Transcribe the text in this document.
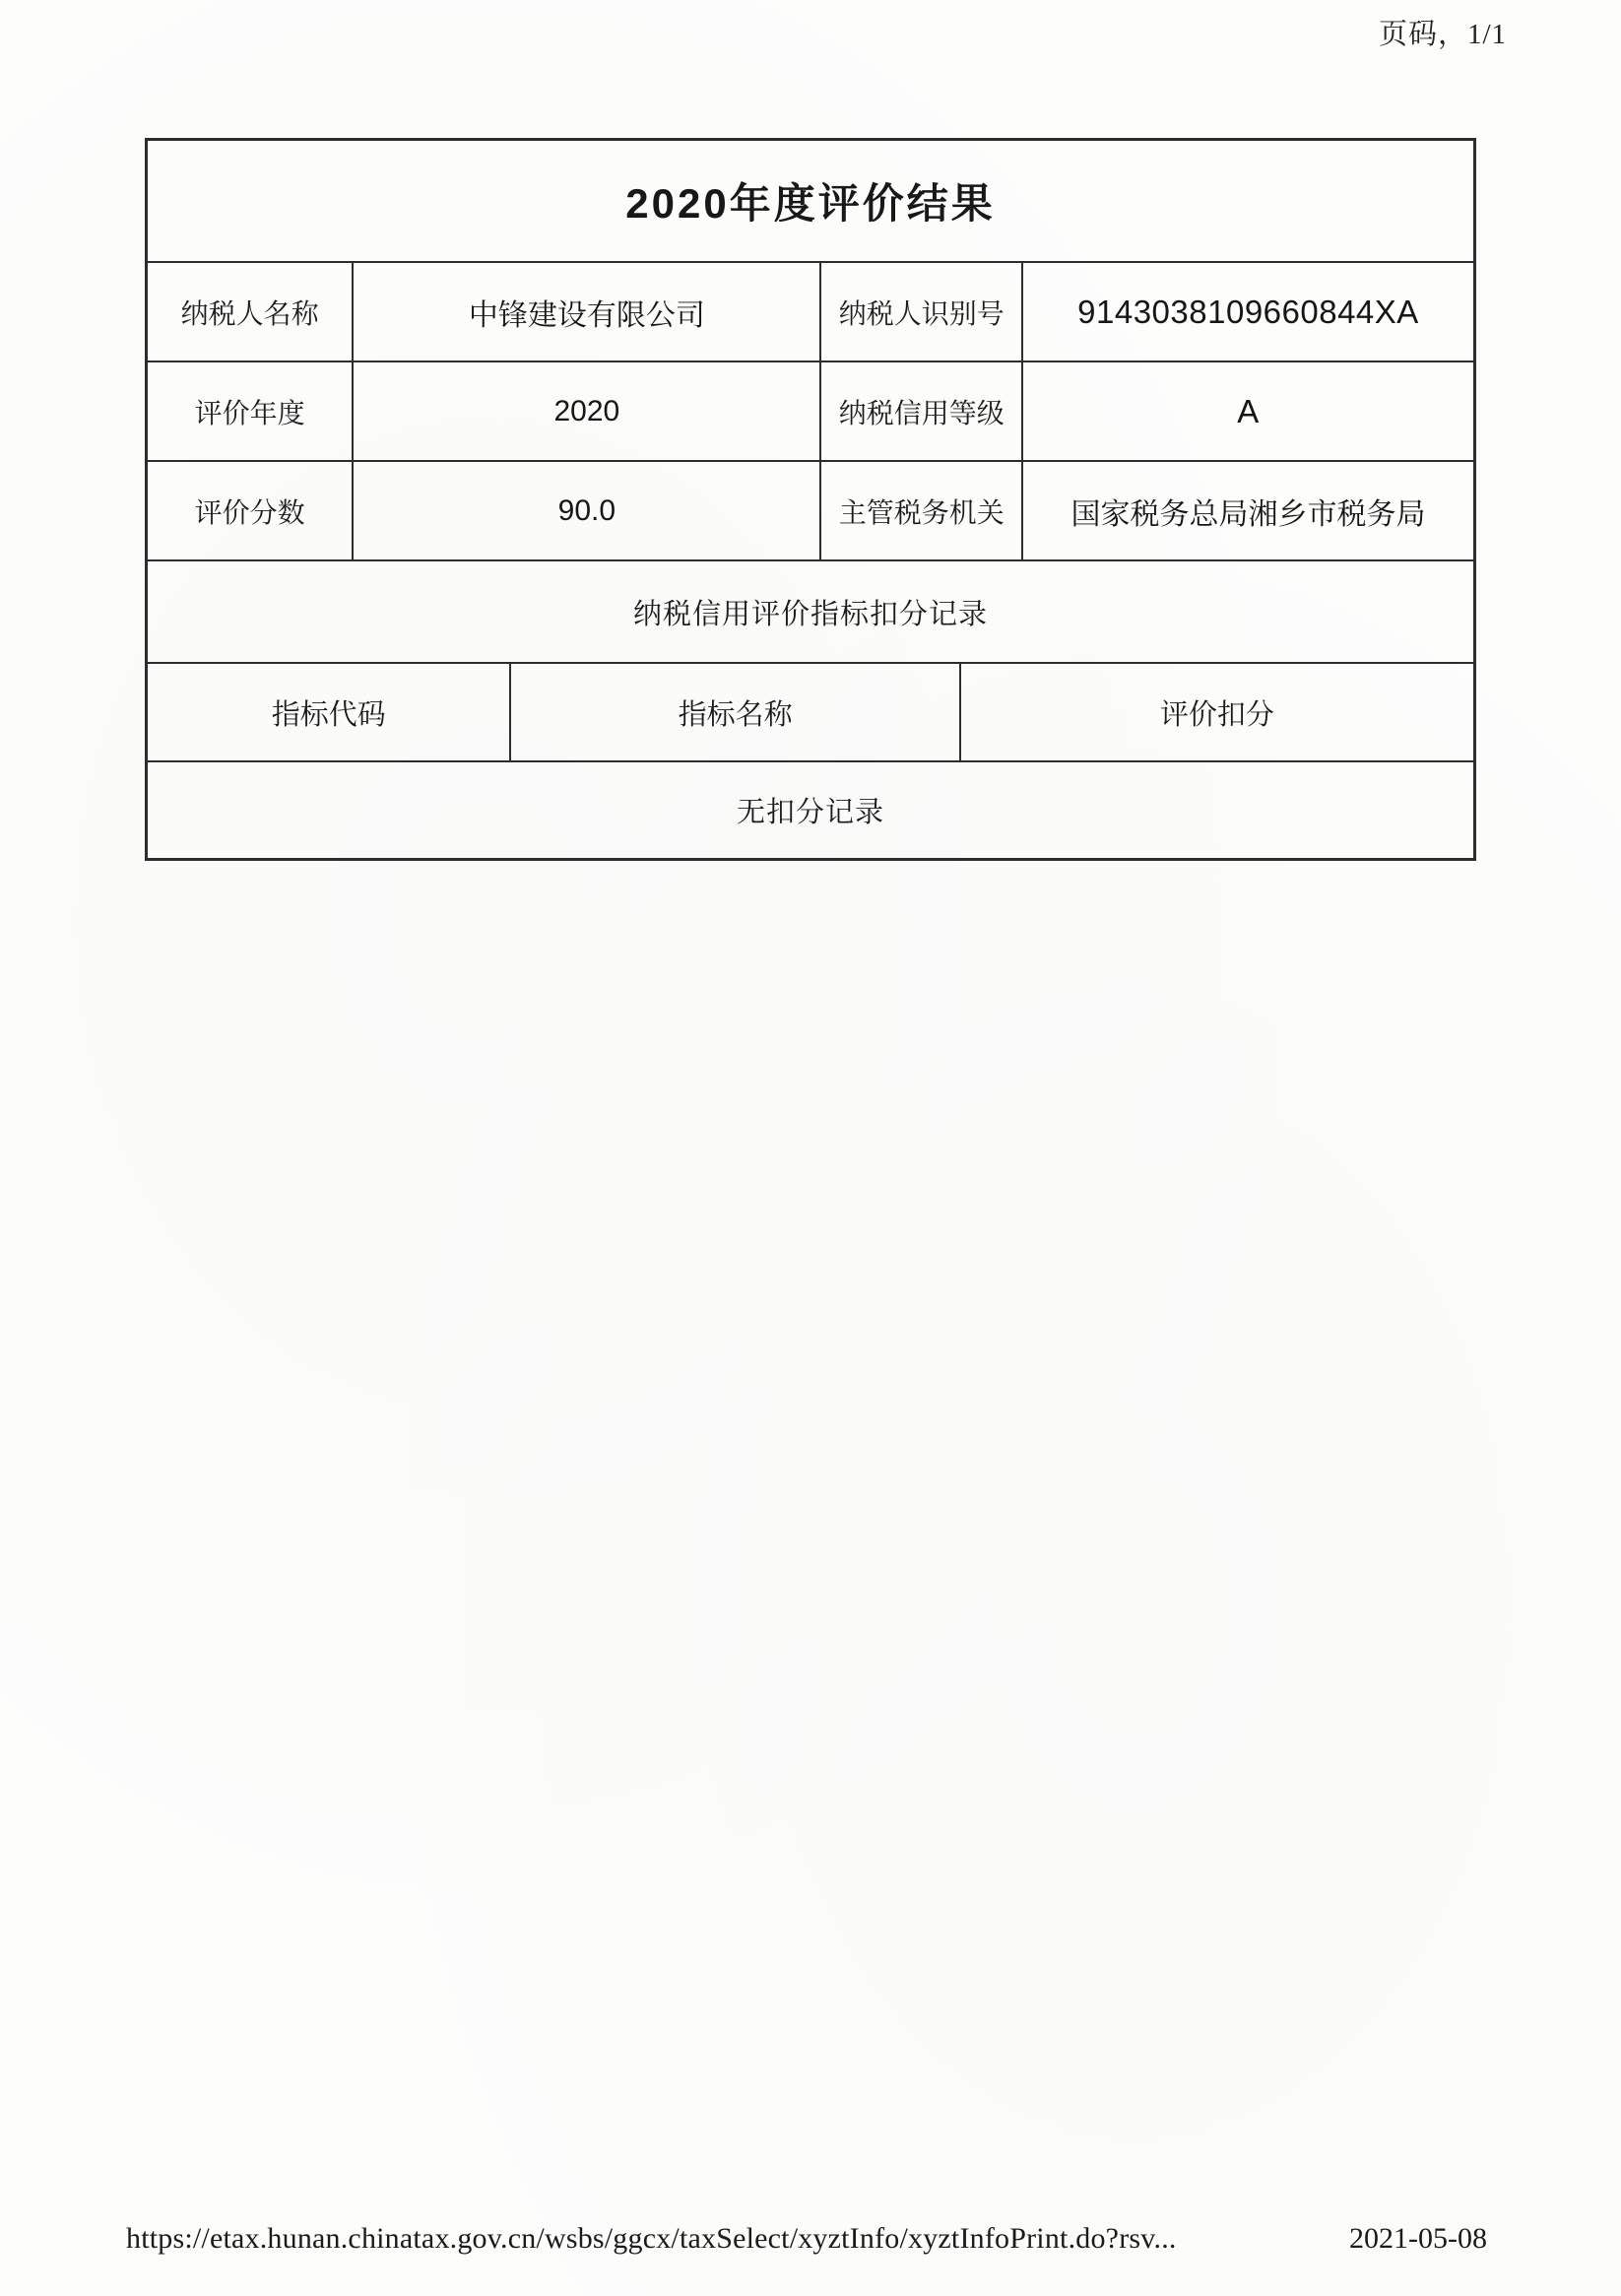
页码，1/1
2020年度评价结果
纳税人名称	中锋建设有限公司	纳税人识别号	9143038109660844XA
评价年度	2020	纳税信用等级	A
评价分数	90.0	主管税务机关	国家税务总局湘乡市税务局
纳税信用评价指标扣分记录
指标代码	指标名称	评价扣分
无扣分记录
https://etax.hunan.chinatax.gov.cn/wsbs/ggcx/taxSelect/xyztInfo/xyztInfoPrint.do?rsv...	2021-05-08
